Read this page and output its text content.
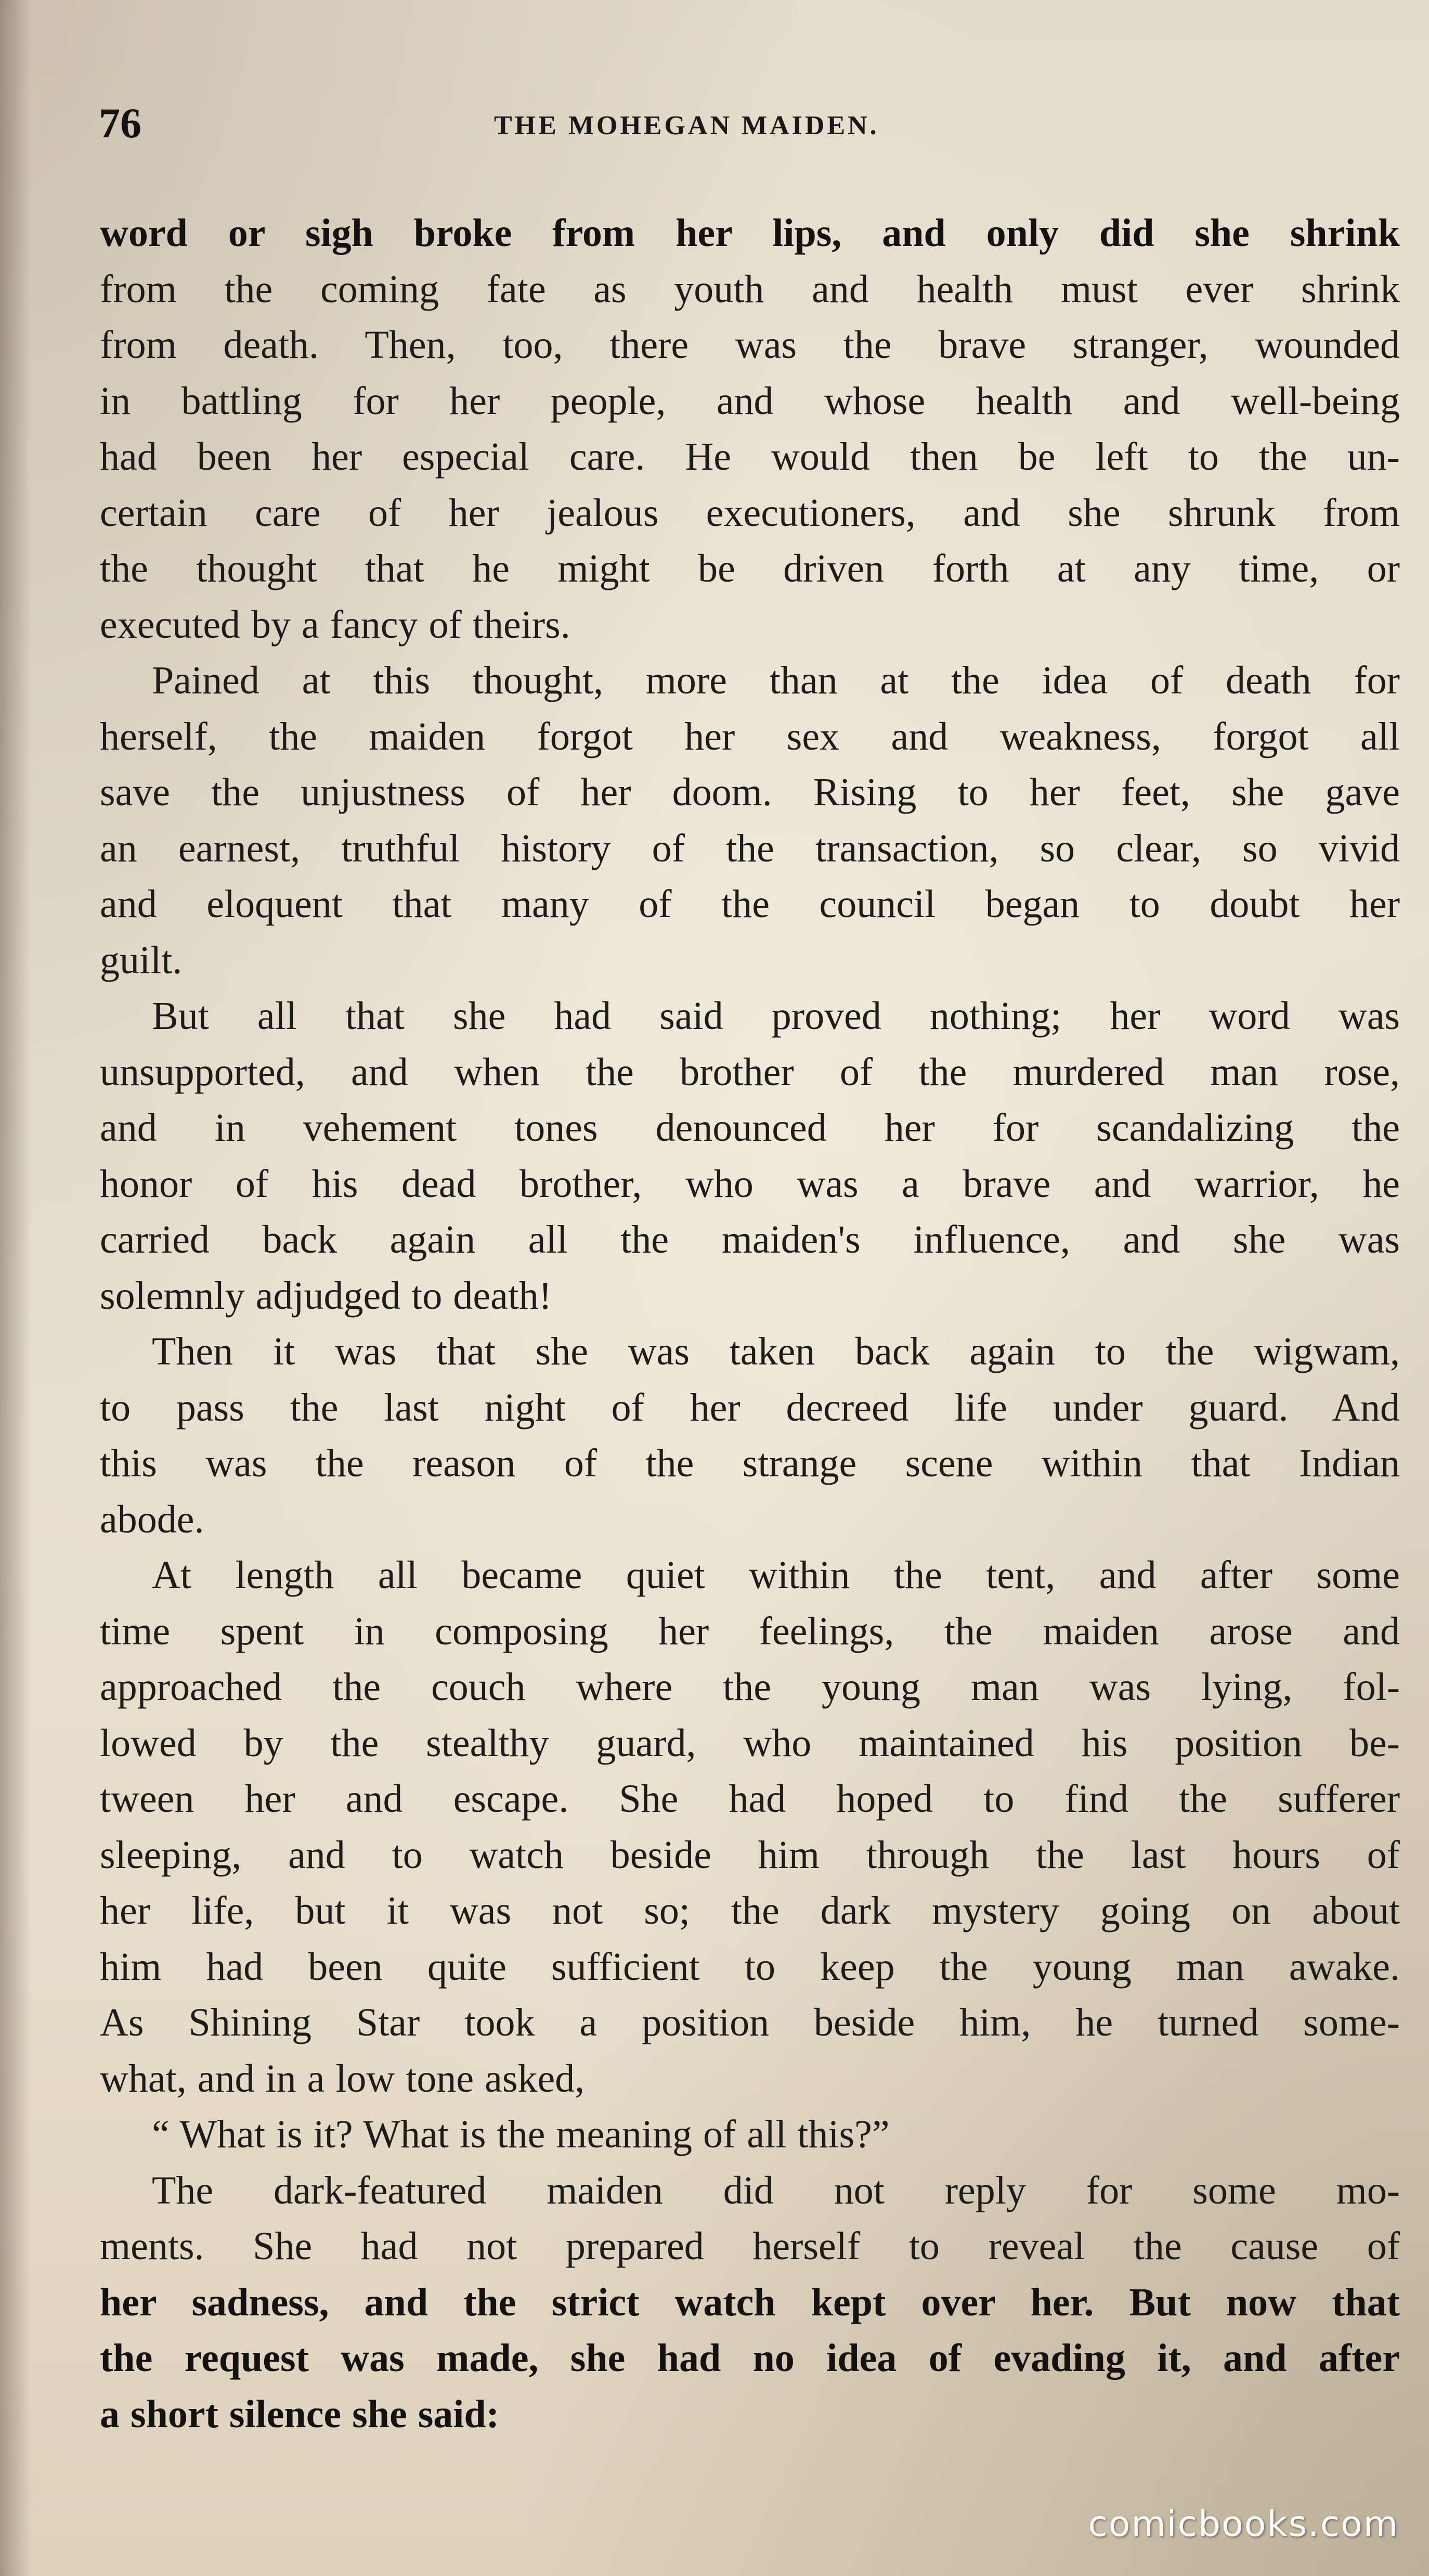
76	THE MOHEGAN MAIDEN.
word or sigh broke from her lips, and only did she shrink
from the coming fate as youth and health must ever shrink
from death. Then, too, there was the brave stranger, wounded
in battling for her people, and whose health and well-being
had been her especial care. He would then be left to the un-
certain care of her jealous executioners, and she shrunk from
the thought that he might be driven forth at any time, or
executed by a fancy of theirs.
Pained at this thought, more than at the idea of death for
herself, the maiden forgot her sex and weakness, forgot all
save the unjustness of her doom. Rising to her feet, she gave
an earnest, truthful history of the transaction, so clear, so vivid
and eloquent that many of the council began to doubt her
guilt.
But all that she had said proved nothing; her word was
unsupported, and when the brother of the murdered man rose,
and in vehement tones denounced her for scandalizing the
honor of his dead brother, who was a brave and warrior, he
carried back again all the maiden's influence, and she was
solemnly adjudged to death!
Then it was that she was taken back again to the wigwam,
to pass the last night of her decreed life under guard. And
this was the reason of the strange scene within that Indian
abode.
At length all became quiet within the tent, and after some
time spent in composing her feelings, the maiden arose and
approached the couch where the young man was lying, fol-
lowed by the stealthy guard, who maintained his position be-
tween her and escape. She had hoped to find the sufferer
sleeping, and to watch beside him through the last hours of
her life, but it was not so; the dark mystery going on about
him had been quite sufficient to keep the young man awake.
As Shining Star took a position beside him, he turned some-
what, and in a low tone asked,
“ What is it? What is the meaning of all this?”
The dark-featured maiden did not reply for some mo-
ments. She had not prepared herself to reveal the cause of
her sadness, and the strict watch kept over her. But now that
the request was made, she had no idea of evading it, and after
a short silence she said:
comicbooks.com
